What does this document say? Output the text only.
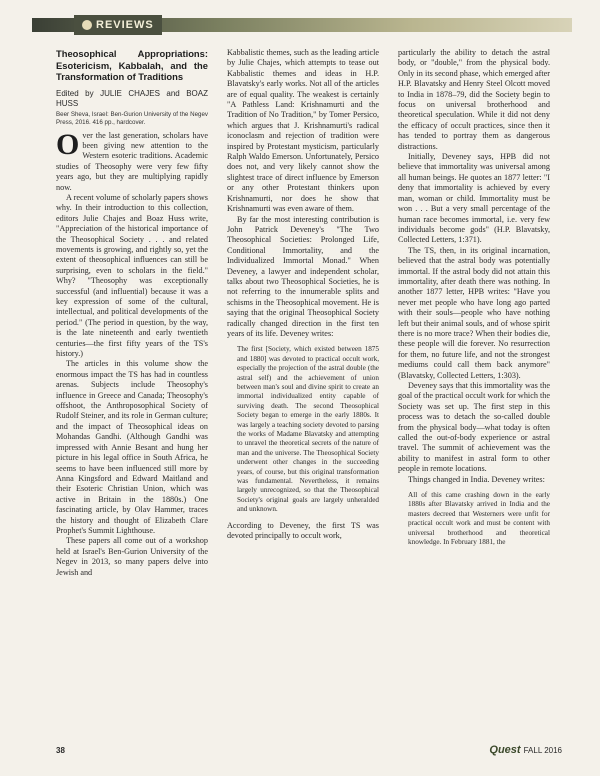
REVIEWS
Theosophical Appropriations: Esotericism, Kabbalah, and the Transformation of Traditions
Edited by JULIE CHAJES and BOAZ HUSS
Beer Sheva, Israel: Ben-Gurion University of the Negev Press, 2016. 416 pp., hardcover.

Over the last generation, scholars have been giving new attention to the Western esoteric traditions. Academic studies of Theosophy were very few fifty years ago, but they are multiplying rapidly now.

A recent volume of scholarly papers shows why. In their introduction to this collection, editors Julie Chajes and Boaz Huss write, "Appreciation of the historical importance of the Theosophical Society . . . and related movements is growing, and rightly so, yet the extent of theosophical influences can still be surprising, even to scholars in the field." Why? "Theosophy was exceptionally successful (and influential) because it was a key expression of some of the cultural, intellectual, and political developments of the period." (The period in question, by the way, is the late nineteenth and early twentieth centuries—the first fifty years of the TS's history.)

The articles in this volume show the enormous impact the TS has had in countless arenas. Subjects include Theosophy's influence in Greece and Canada; Theosophy's offshoot, the Anthroposophical Society of Rudolf Steiner, and its role in German culture; and the impact of Theosophical ideas on Mohandas Gandhi. (Although Gandhi was impressed with Annie Besant and hung her picture in his legal office in South Africa, he seems to have been influenced still more by Anna Kingsford and Edward Maitland and their Esoteric Christian Union, which was active in Britain in the 1880s.) One fascinating article, by Olav Hammer, traces the history and thought of Elizabeth Clare Prophet's Summit Lighthouse.

These papers all come out of a workshop held at Israel's Ben-Gurion University of the Negev in 2013, so many papers delve into Jewish and

Kabbalistic themes, such as the leading article by Julie Chajes, which attempts to tease out Kabbalistic themes and ideas in H.P. Blavatsky's early works. Not all of the articles are of equal quality. The weakest is certainly "A Pathless Land: Krishnamurti and the Tradition of No Tradition," by Tomer Persico, which argues that J. Krishnamurti's radical iconoclasm and rejection of tradition were inspired by Protestant mysticism, particularly Ralph Waldo Emerson. Unfortunately, Persico does not, and very likely cannot show the slightest trace of direct influence by Emerson or any other Protestant thinkers upon Krishnamurti, nor does he show that Krishnamurti was even aware of them.

By far the most interesting contribution is John Patrick Deveney's "The Two Theosophical Societies: Prolonged Life, Conditional Immortality, and the Individualized Immortal Monad." When Deveney, a lawyer and independent scholar, talks about two Theosophical Societies, he is not referring to the innumerable splits and schisms in the Theosophical movement. He is saying that the original Theosophical Society radically changed direction in the first ten years of its life. Deveney writes:

The first [Society, which existed between 1875 and 1880] was devoted to practical occult work, especially the projection of the astral double (the astral self) and the achievement of union between man's soul and divine spirit to create an immortal individualized entity capable of surviving death. The second Theosophical Society began to emerge in the early 1880s. It was largely a teaching society devoted to parsing the works of Madame Blavatsky and attempting to unravel the theoretical secrets of the nature of man and the universe. The Theosophical Society underwent other changes in the succeeding years, of course, but this original transformation was fundamental. Nevertheless, it remains largely unrecognized, so that the Theosophical Society's original goals are largely unheralded and unknown.

According to Deveney, the first TS was devoted principally to occult work,

particularly the ability to detach the astral body, or "double," from the physical body. Only in its second phase, which emerged after H.P. Blavatsky and Henry Steel Olcott moved to India in 1878–79, did the Society begin to focus on universal brotherhood and theoretical speculation. While it did not deny the efficacy of occult practices, since then it has tended to portray them as dangerous distractions.

Initially, Deveney says, HPB did not believe that immortality was universal among all human beings. He quotes an 1877 letter: "I deny that immortality is achieved by every man, woman or child. Immortality must be won . . . But a very small percentage of the human race becomes immortal, i.e. very few individuals become gods" (H.P. Blavatsky, Collected Letters, 1:371).

The TS, then, in its original incarnation, believed that the astral body was potentially immortal. If the astral body did not attain this immortality, after death there was nothing. In another 1877 letter, HPB writes: "Have you never met people who have long ago parted with their souls—people who have nothing left but their animal souls, and of whose spirit there is no more trace? When their bodies die, these people will die forever. No resurrection for them, no future life, and not the strongest mediums could call them back anymore" (Blavatsky, Collected Letters, 1:303).

Deveney says that this immortality was the goal of the practical occult work for which the Society was set up. The first step in this process was to detach the so-called double from the physical body—what today is often called the out-of-body experience or astral travel. The summit of achievement was the ability to manifest in astral form to other people in remote locations.

Things changed in India. Deveney writes:

All of this came crashing down in the early 1880s after Blavatsky arrived in India and the masters decreed that Westerners were unfit for practical occult work and must be content with universal brotherhood and theoretical knowledge. In February 1881, the
38	Quest FALL 2016
